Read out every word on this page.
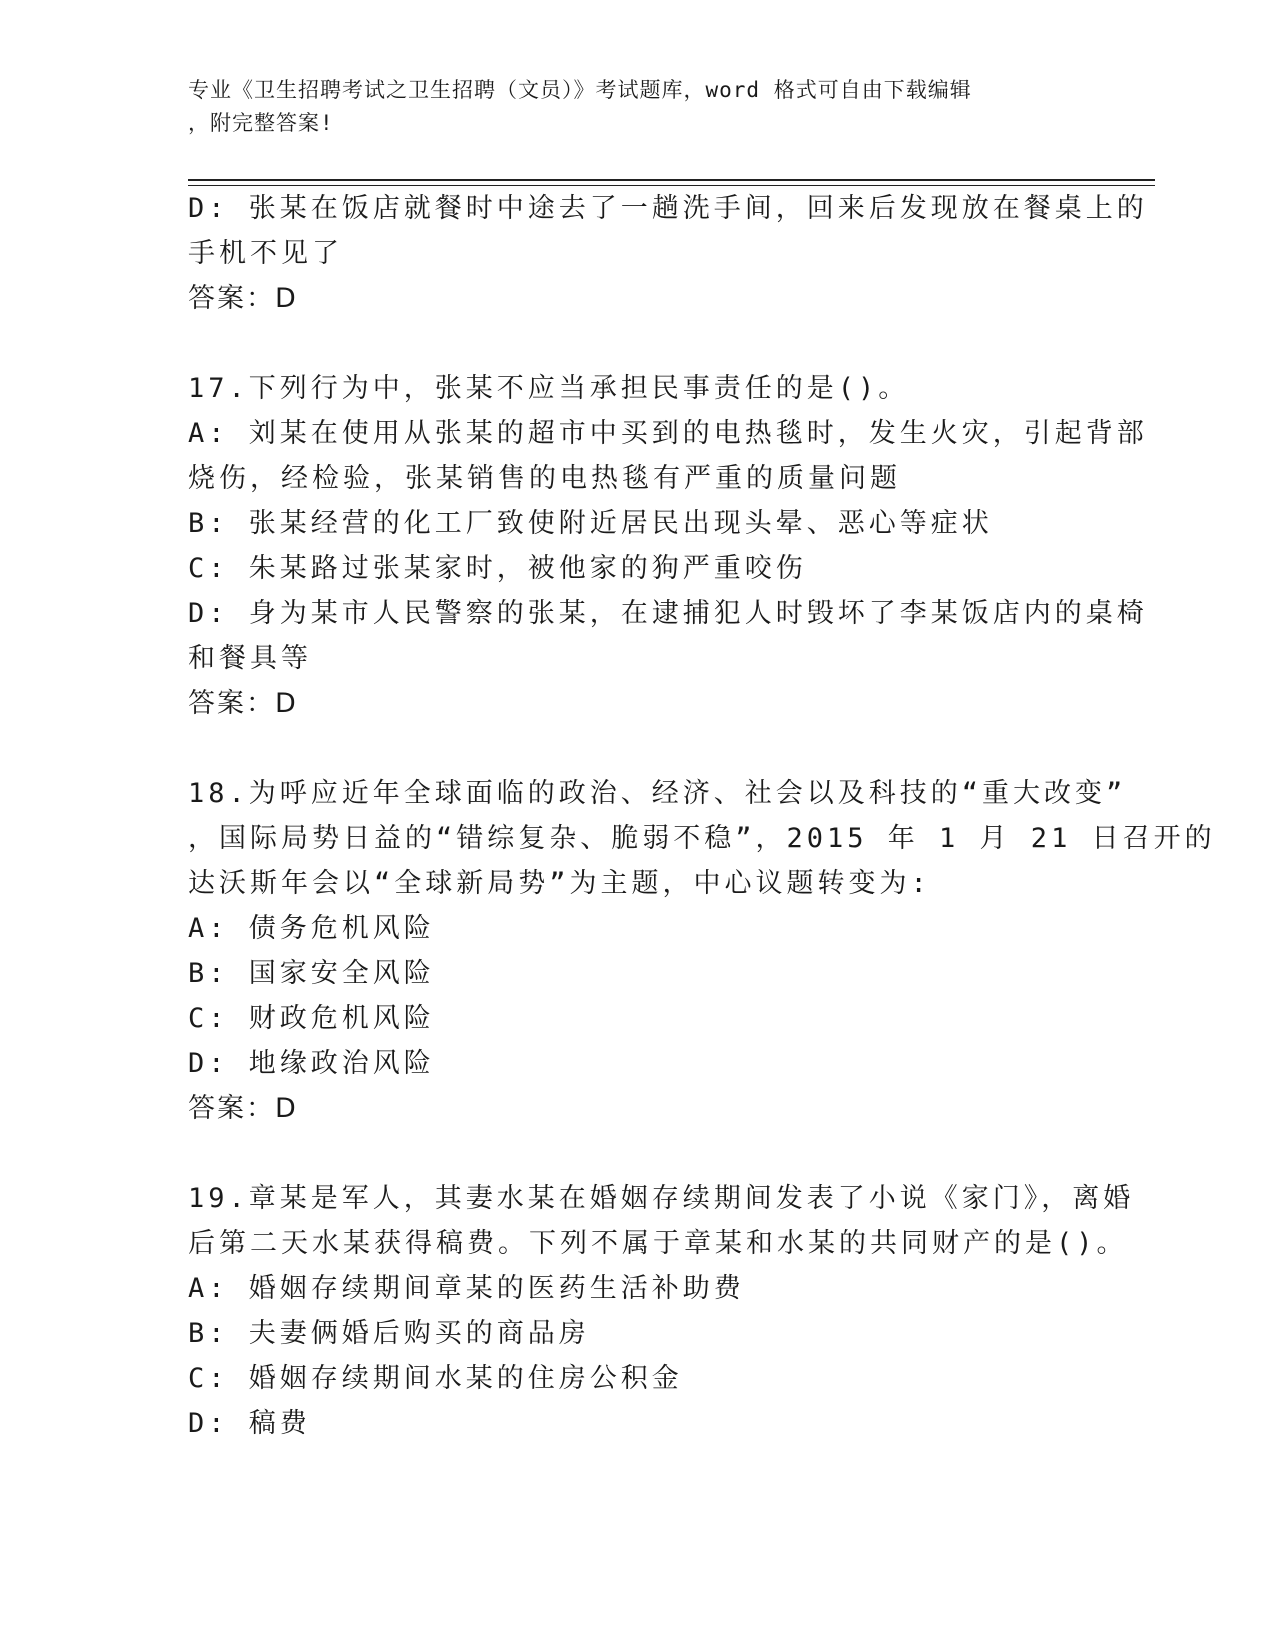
专业《卫生招聘考试之卫生招聘（文员）》考试题库，word 格式可自由下载编辑
，附完整答案!
D: 张某在饭店就餐时中途去了一趟洗手间，回来后发现放在餐桌上的
手机不见了
答案：D
17.下列行为中，张某不应当承担民事责任的是()。
A: 刘某在使用从张某的超市中买到的电热毯时，发生火灾，引起背部
烧伤，经检验，张某销售的电热毯有严重的质量问题
B: 张某经营的化工厂致使附近居民出现头晕、恶心等症状
C: 朱某路过张某家时，被他家的狗严重咬伤
D: 身为某市人民警察的张某，在逮捕犯人时毁坏了李某饭店内的桌椅
和餐具等
答案：D
18.为呼应近年全球面临的政治、经济、社会以及科技的“重大改变”
，国际局势日益的“错综复杂、脆弱不稳”，2015 年 1 月 21 日召开的
达沃斯年会以“全球新局势”为主题，中心议题转变为:
A: 债务危机风险
B: 国家安全风险
C: 财政危机风险
D: 地缘政治风险
答案：D
19.章某是军人，其妻水某在婚姻存续期间发表了小说《家门》，离婚
后第二天水某获得稿费。下列不属于章某和水某的共同财产的是()。
A: 婚姻存续期间章某的医药生活补助费
B: 夫妻俩婚后购买的商品房
C: 婚姻存续期间水某的住房公积金
D: 稿费
